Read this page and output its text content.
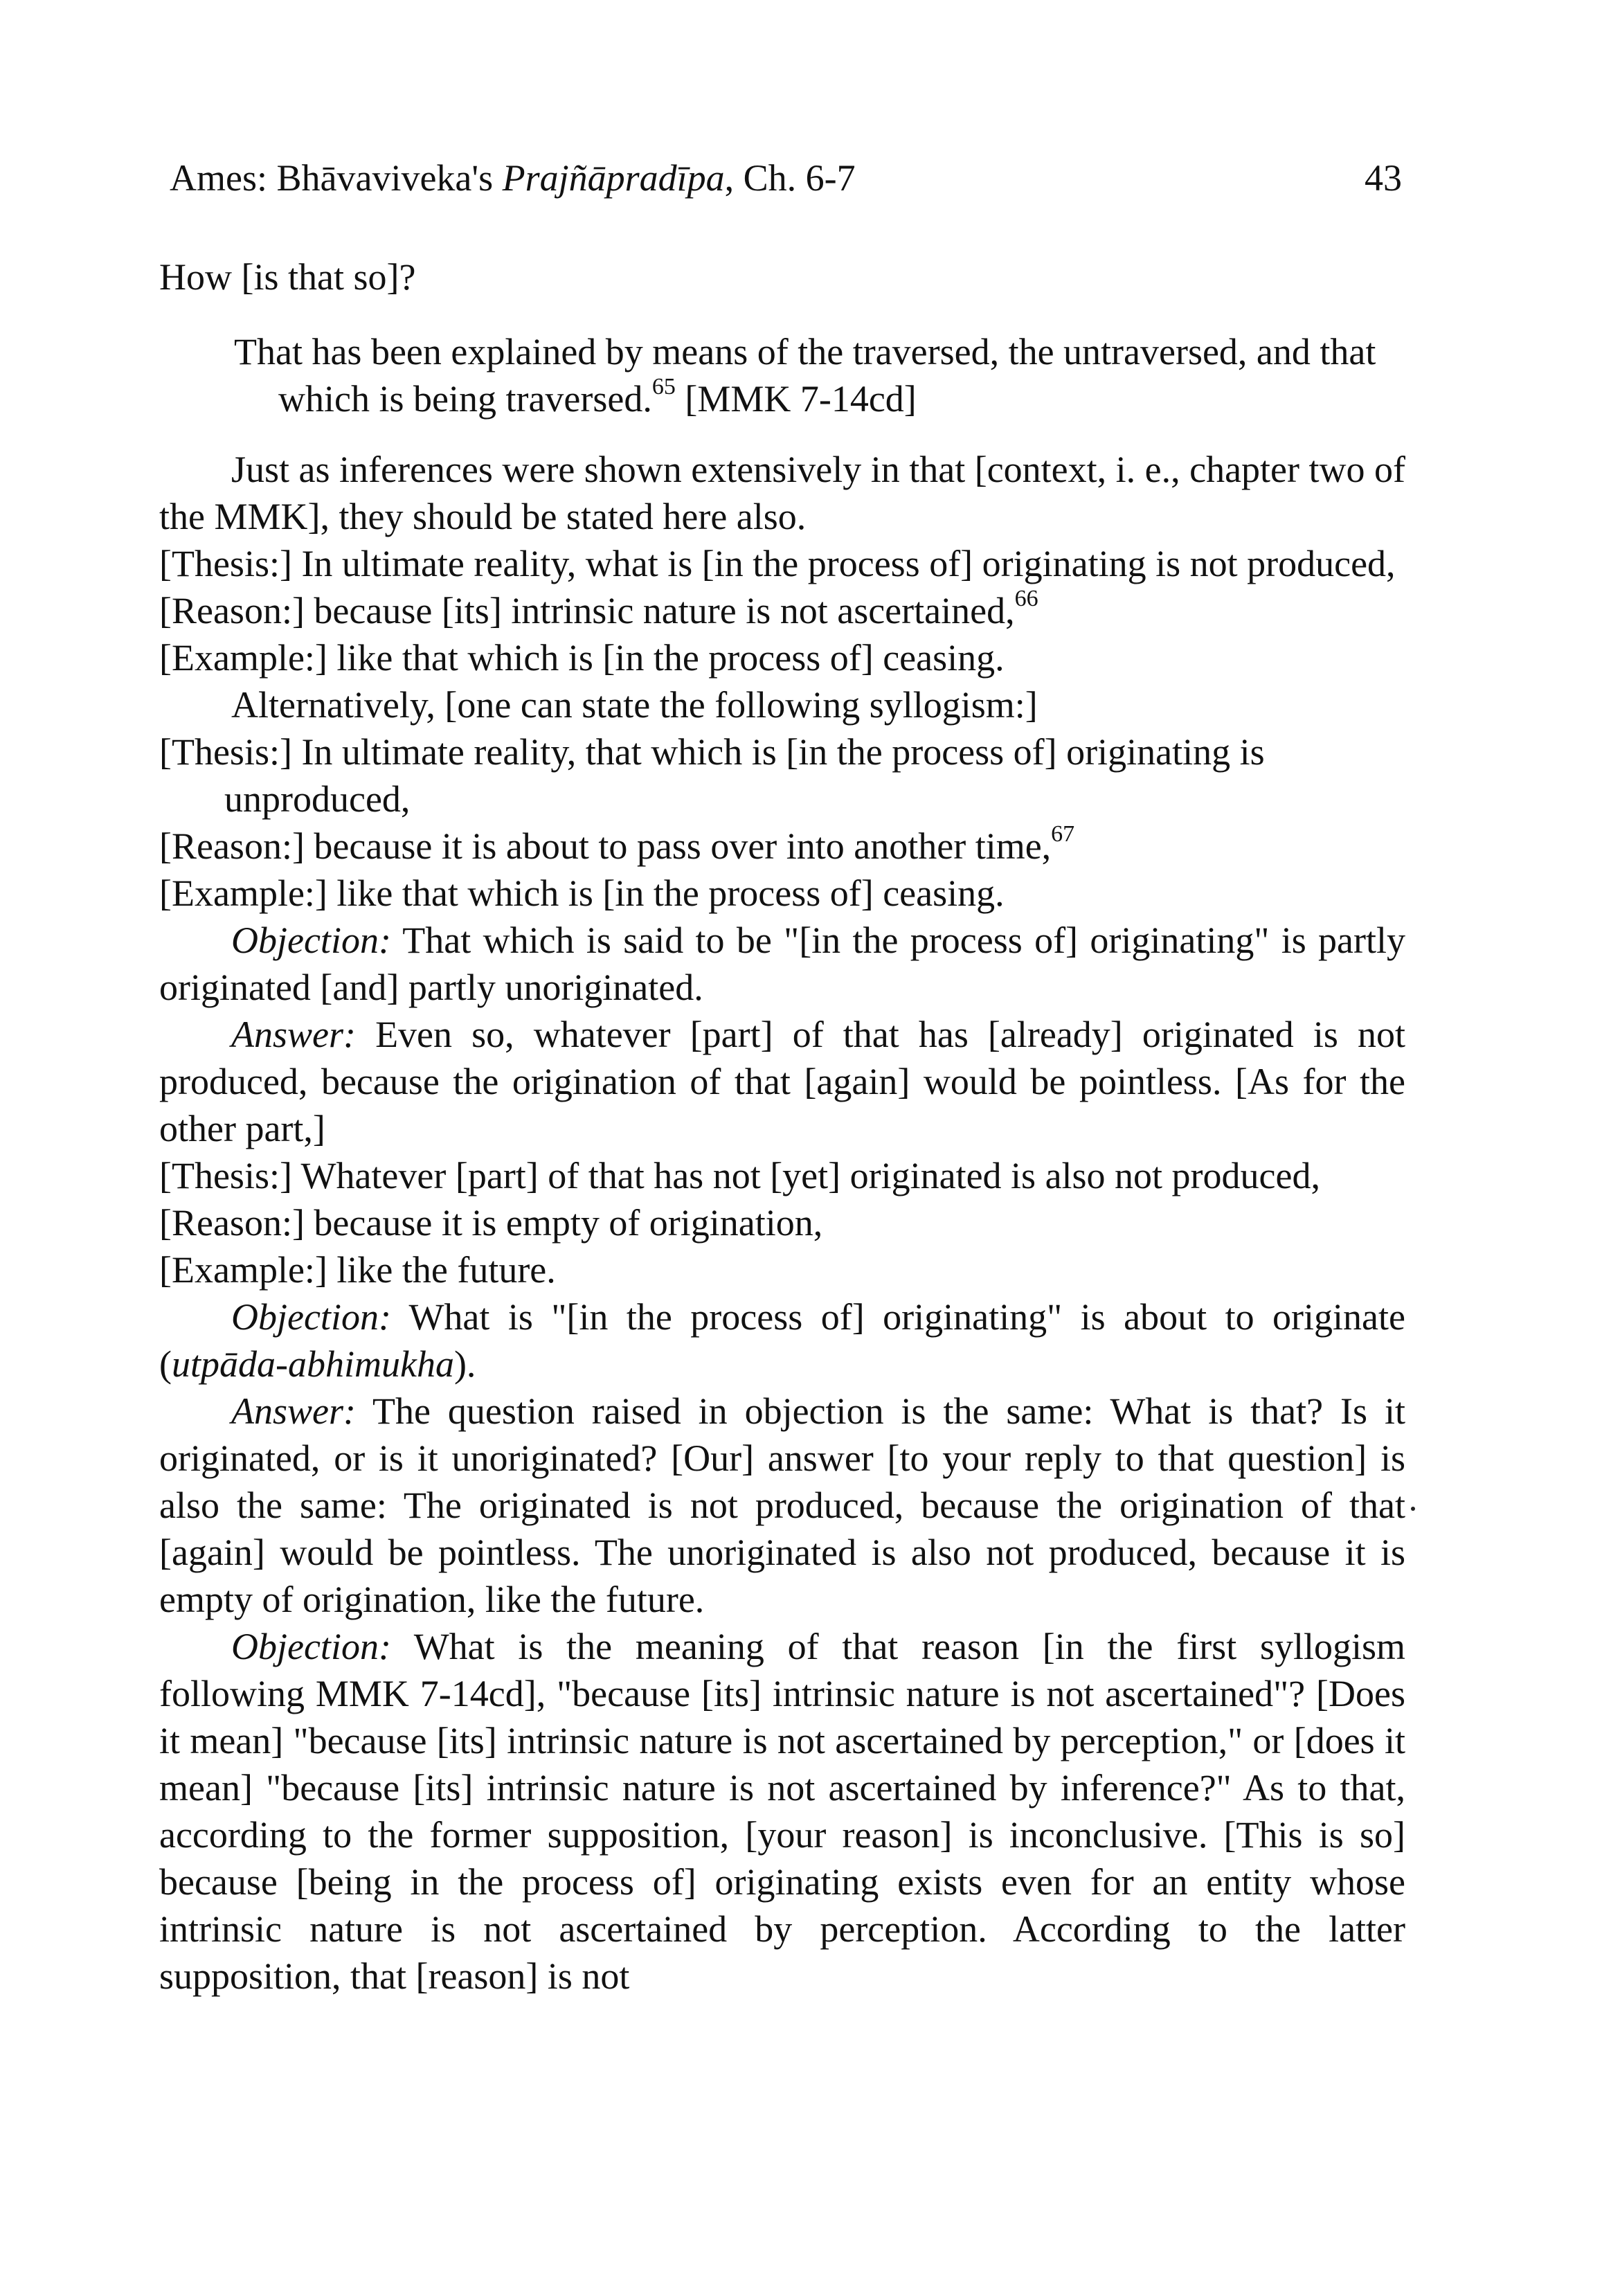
Ames: Bhāvaviveka's Prajñāpradīpa, Ch. 6-7	43

How [is that so]?

That has been explained by means of the traversed, the untraversed, and that which is being traversed.$^{65}$ [MMK 7-14cd]

Just as inferences were shown extensively in that [context, i. e., chapter two of the MMK], they should be stated here also.

[Thesis:] In ultimate reality, what is [in the process of] originating is not produced,

[Reason:] because [its] intrinsic nature is not ascertained,$^{66}$

[Example:] like that which is [in the process of] ceasing.

Alternatively, [one can state the following syllogism:]

[Thesis:] In ultimate reality, that which is [in the process of] originating is unproduced,

[Reason:] because it is about to pass over into another time,$^{67}$

[Example:] like that which is [in the process of] ceasing.

Objection: That which is said to be "[in the process of] originating" is partly originated [and] partly unoriginated.

Answer: Even so, whatever [part] of that has [already] originated is not produced, because the origination of that [again] would be pointless. [As for the other part,]

[Thesis:] Whatever [part] of that has not [yet] originated is also not produced,

[Reason:] because it is empty of origination,

[Example:] like the future.

Objection: What is "[in the process of] originating" is about to originate (utpāda-abhimukha).

Answer: The question raised in objection is the same: What is that? Is it originated, or is it unoriginated? [Our] answer [to your reply to that question] is also the same: The originated is not produced, because the origination of that [again] would be pointless. The unoriginated is also not produced, because it is empty of origination, like the future.

Objection: What is the meaning of that reason [in the first syllogism following MMK 7-14cd], "because [its] intrinsic nature is not ascertained"? [Does it mean] "because [its] intrinsic nature is not ascertained by perception," or [does it mean] "because [its] intrinsic nature is not ascertained by inference?" As to that, according to the former supposition, [your reason] is inconclusive. [This is so] because [being in the process of] originating exists even for an entity whose intrinsic nature is not ascertained by perception. According to the latter supposition, that [reason] is not
